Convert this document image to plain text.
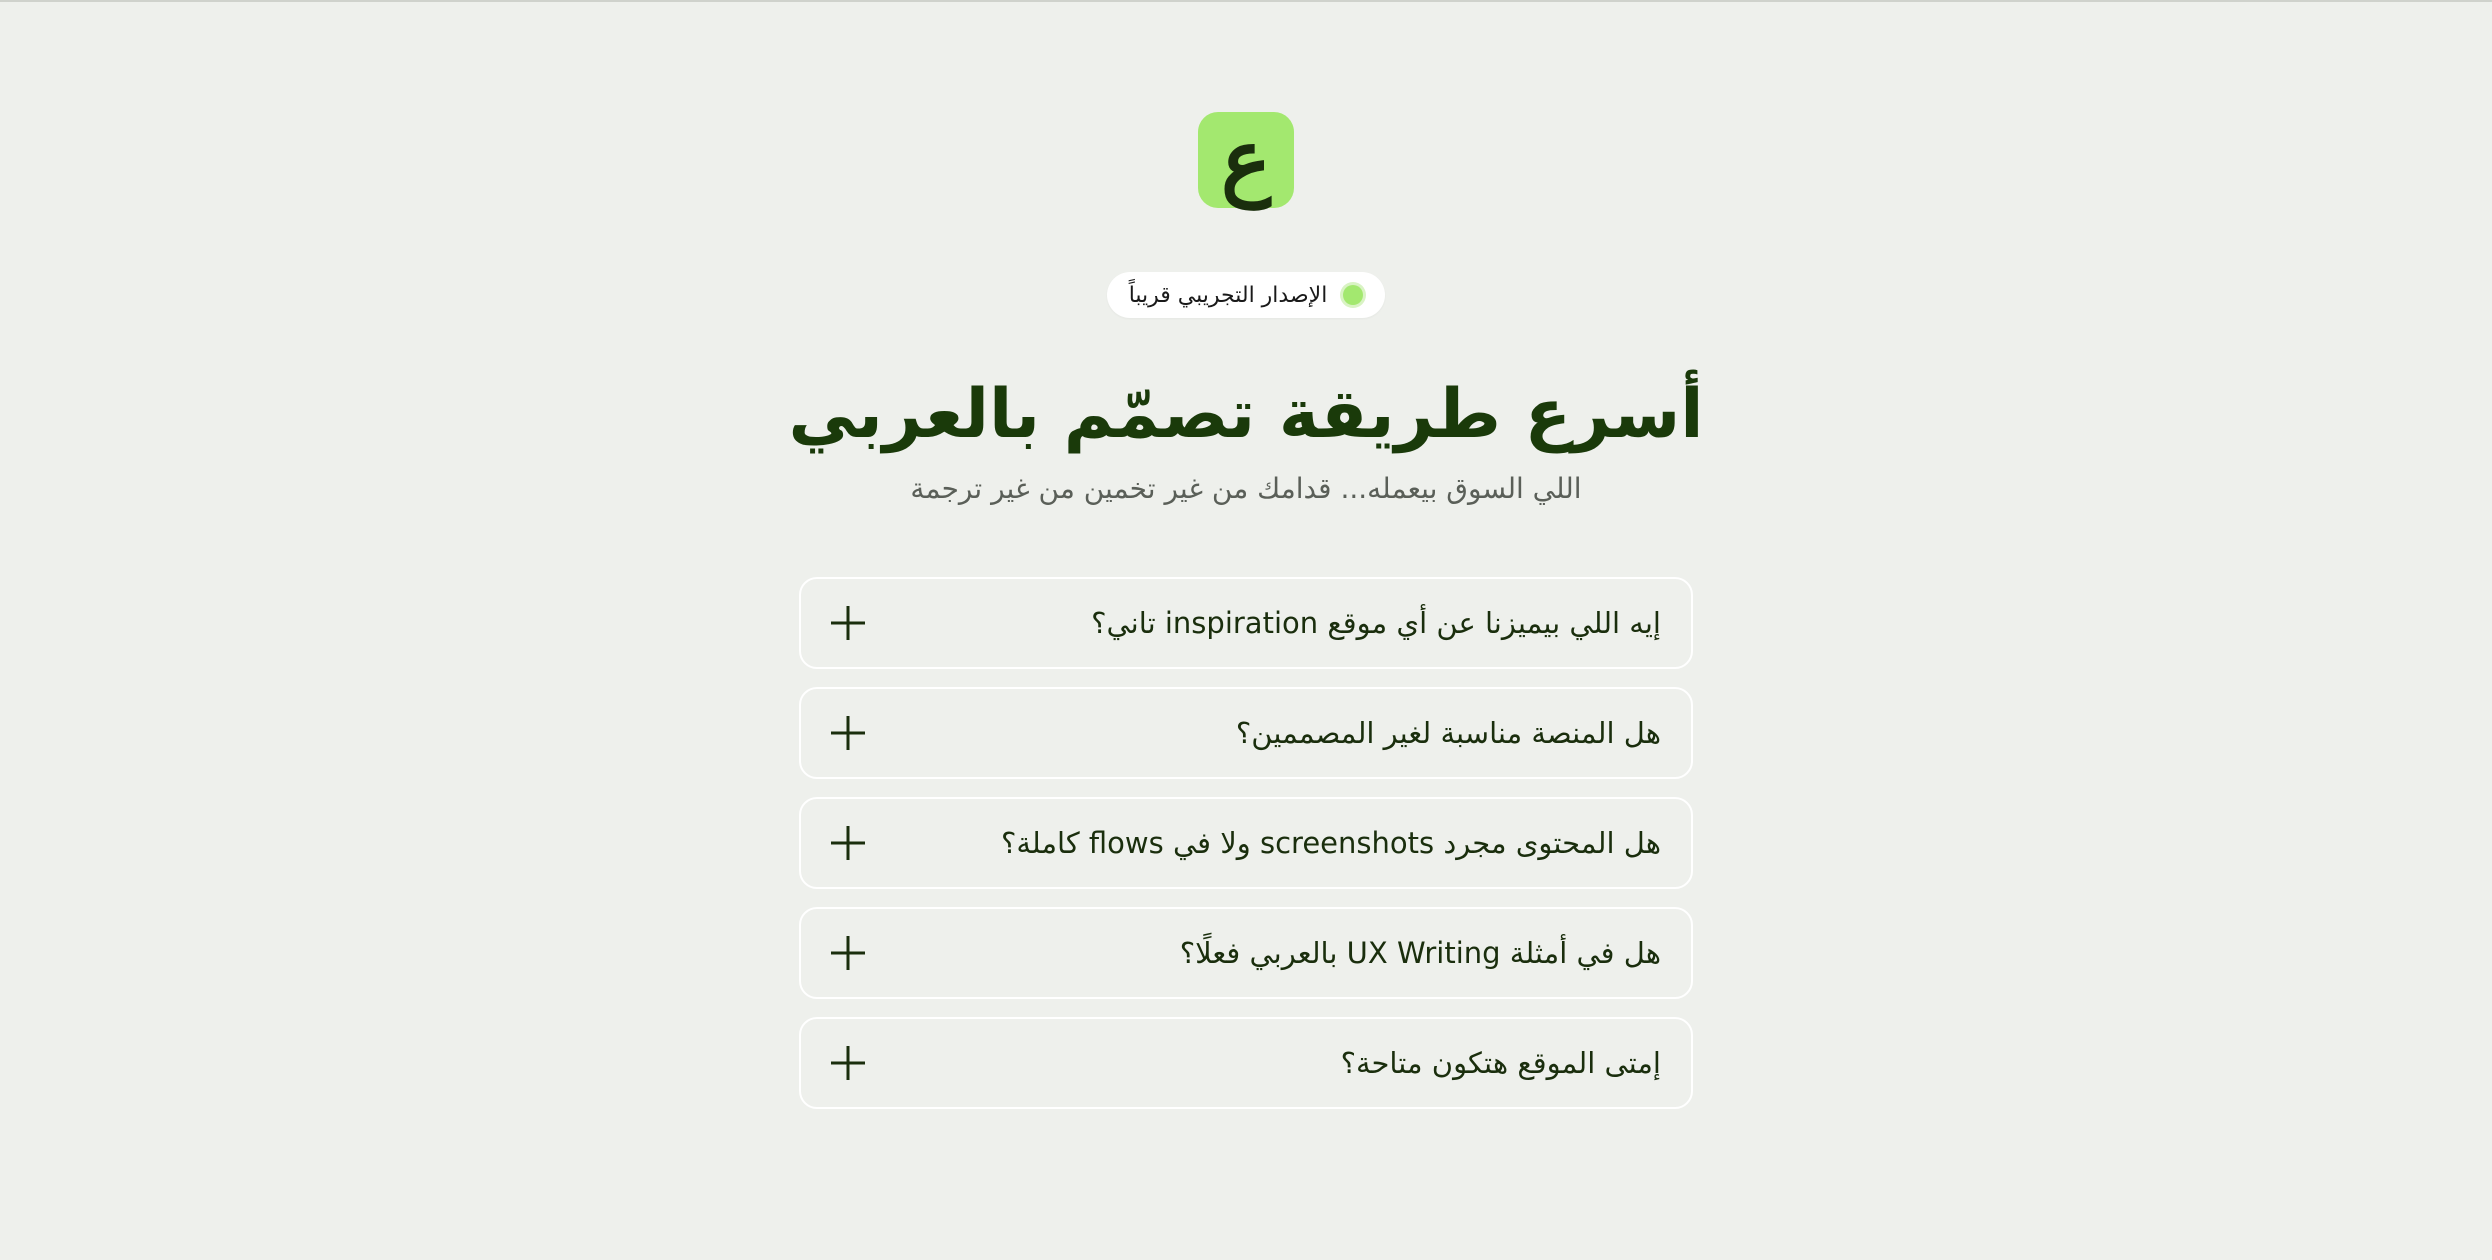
ع
الإصدار التجريبي قريباً
أسرع طريقة تصمّم بالعربي

اللي السوق بيعمله... قدامك من غير تخمين من غير ترجمة

إيه اللي بيميزنا عن أي موقع inspiration تاني؟
هل المنصة مناسبة لغير المصممين؟
هل المحتوى مجرد screenshots ولا في flows كاملة؟
هل في أمثلة UX Writing بالعربي فعلًا؟
إمتى الموقع هتكون متاحة؟
